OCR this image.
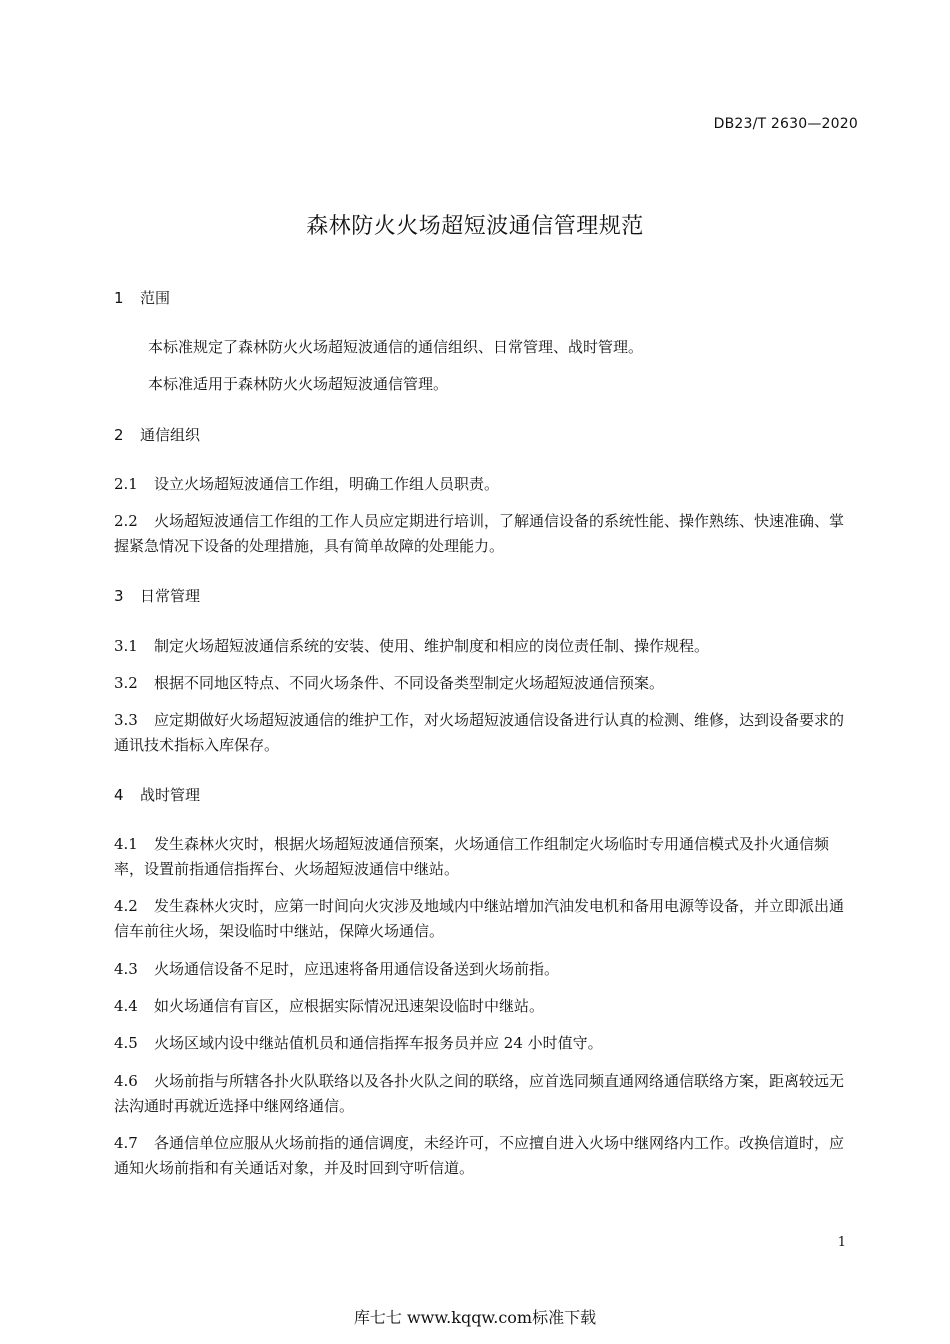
DB23/T 2630—2020
森林防火火场超短波通信管理规范
1 范围

本标准规定了森林防火火场超短波通信的通信组织、日常管理、战时管理。

本标准适用于森林防火火场超短波通信管理。

2 通信组织

2.1 设立火场超短波通信工作组，明确工作组人员职责。

2.2 火场超短波通信工作组的工作人员应定期进行培训，了解通信设备的系统性能、操作熟练、快速准确、掌握紧急情况下设备的处理措施，具有简单故障的处理能力。

3 日常管理

3.1 制定火场超短波通信系统的安装、使用、维护制度和相应的岗位责任制、操作规程。

3.2 根据不同地区特点、不同火场条件、不同设备类型制定火场超短波通信预案。

3.3 应定期做好火场超短波通信的维护工作，对火场超短波通信设备进行认真的检测、维修，达到设备要求的通讯技术指标入库保存。

4 战时管理

4.1 发生森林火灾时，根据火场超短波通信预案，火场通信工作组制定火场临时专用通信模式及扑火通信频率，设置前指通信指挥台、火场超短波通信中继站。

4.2 发生森林火灾时，应第一时间向火灾涉及地域内中继站增加汽油发电机和备用电源等设备，并立即派出通信车前往火场，架设临时中继站，保障火场通信。

4.3 火场通信设备不足时，应迅速将备用通信设备送到火场前指。

4.4 如火场通信有盲区，应根据实际情况迅速架设临时中继站。

4.5 火场区域内设中继站值机员和通信指挥车报务员并应 24 小时值守。

4.6 火场前指与所辖各扑火队联络以及各扑火队之间的联络，应首选同频直通网络通信联络方案，距离较远无法沟通时再就近选择中继网络通信。

4.7 各通信单位应服从火场前指的通信调度，未经许可，不应擅自进入火场中继网络内工作。改换信道时，应通知火场前指和有关通话对象，并及时回到守听信道。

1
库七七 www.kqqw.com标准下载
